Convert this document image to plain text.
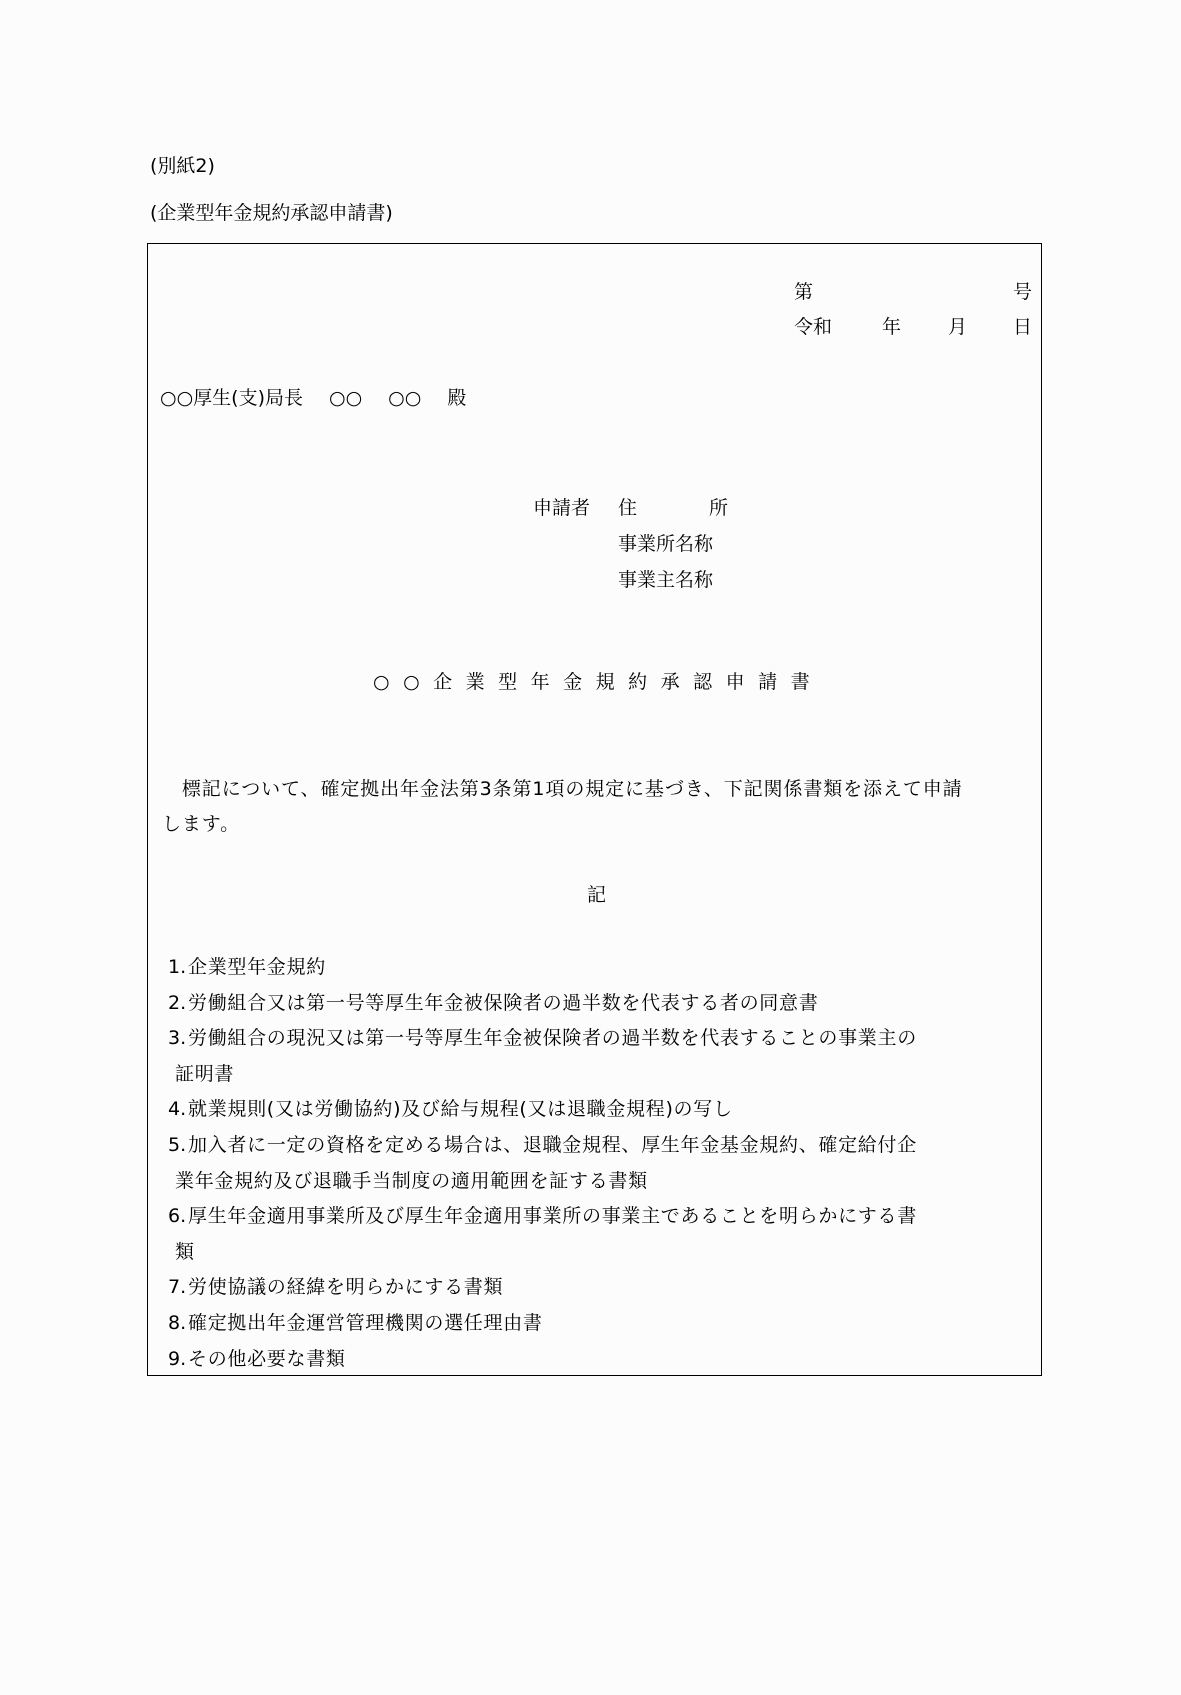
(別紙2)
(企業型年金規約承認申請書)
第	号
令和	年 月 日
○○厚生(支)局長 ○○ ○○ 殿
申請者 住	所
事業所名称
事業主名称
○○企業型年金規約承認申請書
　標記について、確定拠出年金法第3条第1項の規定に基づき、下記関係書類を添えて申請
します。
記
1. 企業型年金規約
2. 労働組合又は第一号等厚生年金被保険者の過半数を代表する者の同意書
3. 労働組合の現況又は第一号等厚生年金被保険者の過半数を代表することの事業主の
証明書
4. 就業規則(又は労働協約)及び給与規程(又は退職金規程)の写し
5. 加入者に一定の資格を定める場合は、退職金規程、厚生年金基金規約、確定給付企
業年金規約及び退職手当制度の適用範囲を証する書類
6. 厚生年金適用事業所及び厚生年金適用事業所の事業主であることを明らかにする書
類
7. 労使協議の経緯を明らかにする書類
8. 確定拠出年金運営管理機関の選任理由書
9. その他必要な書類
